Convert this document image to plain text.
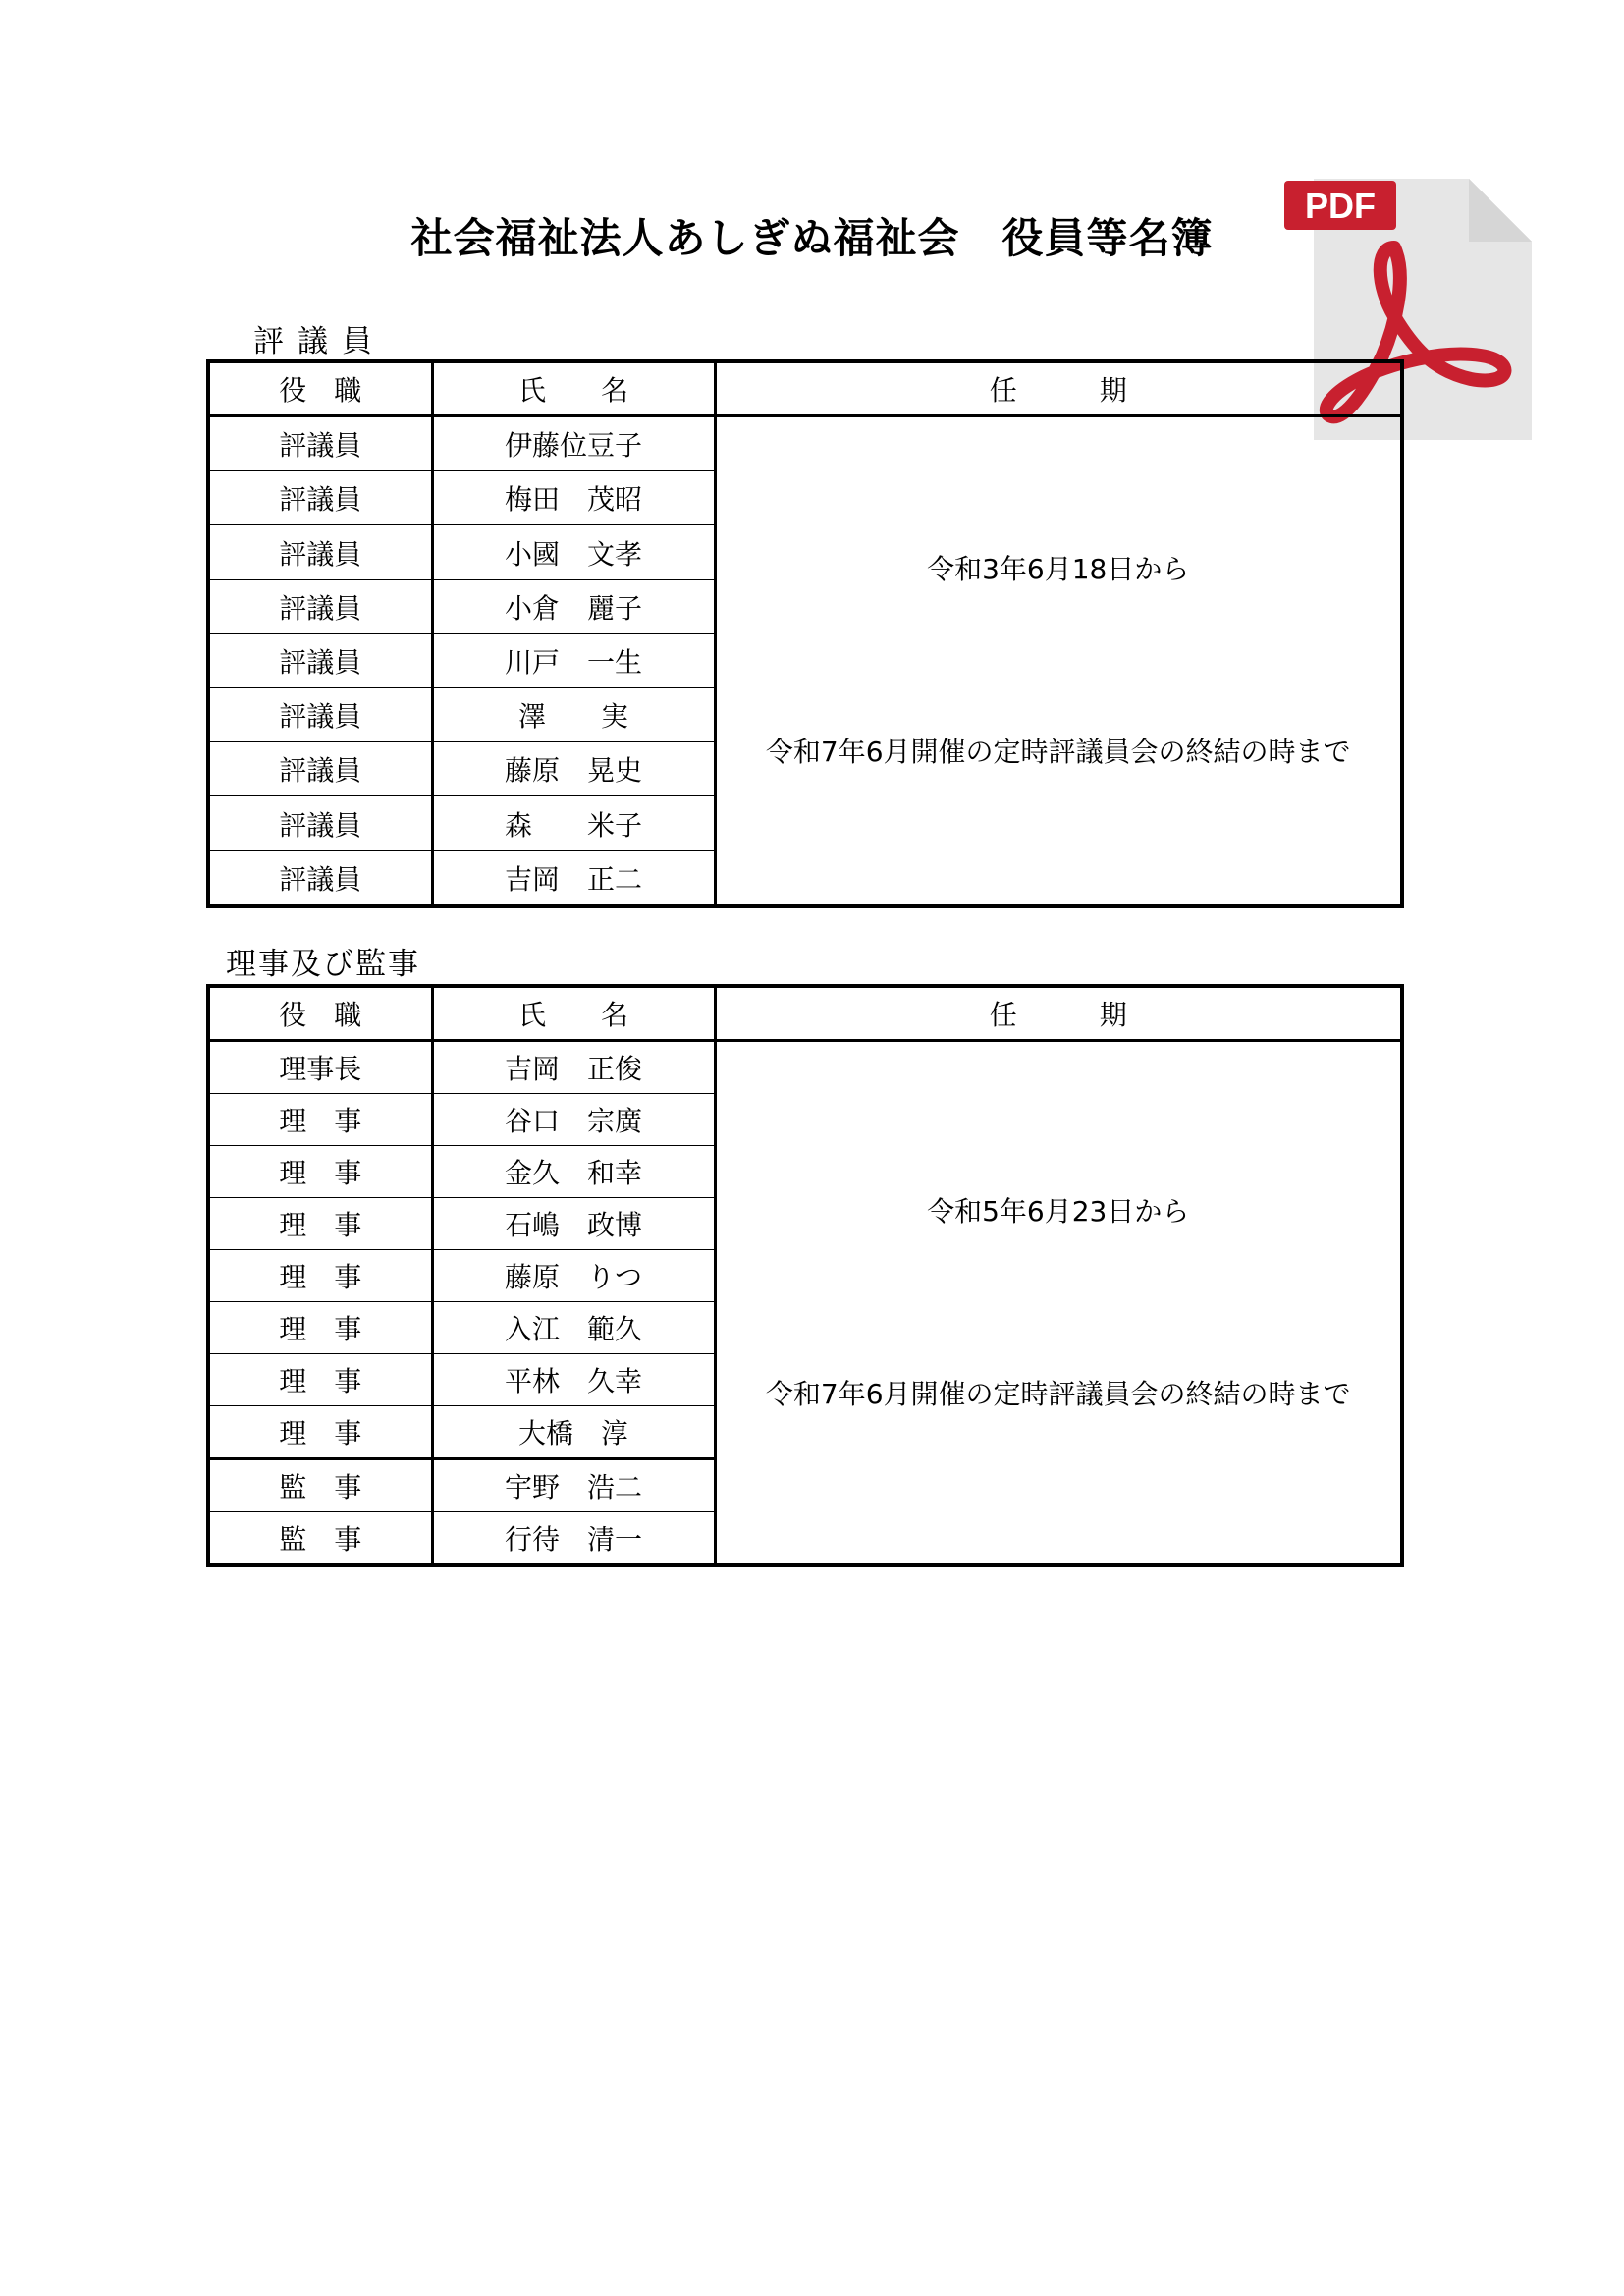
社会福祉法人あしぎぬ福祉会　役員等名簿
PDF
評議員
役　職	氏　　名	任　　　期
評議員	伊藤位豆子	令和3年6月18日から

令和7年6月開催の定時評議員会の終結の時まで

評議員	梅田　茂昭	
評議員	小國　文孝	
評議員	小倉　麗子	
評議員	川戸　一生	
評議員	澤　　実	
評議員	藤原　晃史	
評議員	森　　米子	
評議員	吉岡　正二	
理事及び監事
役　職	氏　　名	任　　　期
理事長	吉岡　正俊	令和5年6月23日から

令和7年6月開催の定時評議員会の終結の時まで

理　事	谷口　宗廣	
理　事	金久　和幸	
理　事	石嶋　政博	
理　事	藤原　りつ	
理　事	入江　範久	
理　事	平林　久幸	
理　事	大橋　淳	
監　事	宇野　浩二	
監　事	行待　清一	
